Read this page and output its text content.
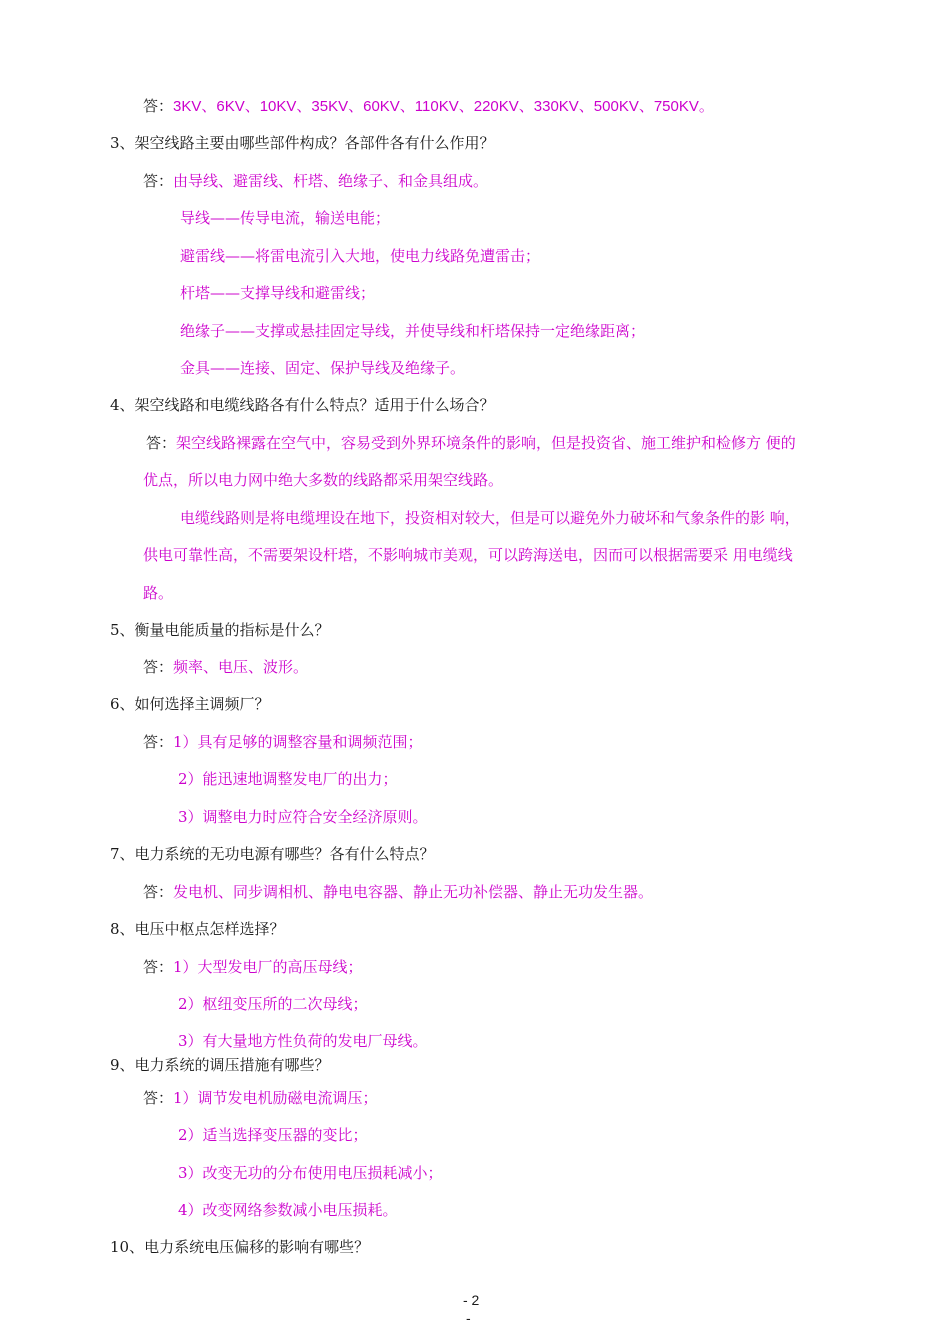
答：3KV、6KV、10KV、35KV、60KV、110KV、220KV、330KV、500KV、750KV。
3、架空线路主要由哪些部件构成？各部件各有什么作用？
答：由导线、避雷线、杆塔、绝缘子、和金具组成。
导线——传导电流，输送电能；
避雷线——将雷电流引入大地，使电力线路免遭雷击；
杆塔——支撑导线和避雷线；
绝缘子——支撑或悬挂固定导线，并使导线和杆塔保持一定绝缘距离；
金具——连接、固定、保护导线及绝缘子。
4、架空线路和电缆线路各有什么特点？适用于什么场合？
答：架空线路裸露在空气中，容易受到外界环境条件的影响，但是投资省、施工维护和检修方 便的
优点，所以电力网中绝大多数的线路都采用架空线路。
电缆线路则是将电缆埋设在地下，投资相对较大，但是可以避免外力破坏和气象条件的影 响，
供电可靠性高，不需要架设杆塔，不影响城市美观，可以跨海送电，因而可以根据需要采 用电缆线
路。
5、衡量电能质量的指标是什么？
答：频率、电压、波形。
6、如何选择主调频厂？
答：1）具有足够的调整容量和调频范围；
2）能迅速地调整发电厂的出力；
3）调整电力时应符合安全经济原则。
7、电力系统的无功电源有哪些？各有什么特点？
答：发电机、同步调相机、静电电容器、静止无功补偿器、静止无功发生器。
8、电压中枢点怎样选择？
答：1）大型发电厂的高压母线；
2）枢纽变压所的二次母线；
3）有大量地方性负荷的发电厂母线。
9、电力系统的调压措施有哪些？
答：1）调节发电机励磁电流调压；
2）适当选择变压器的变比；
3）改变无功的分布使用电压损耗减小；
4）改变网络参数减小电压损耗。
10、电力系统电压偏移的影响有哪些？
- 2
-
